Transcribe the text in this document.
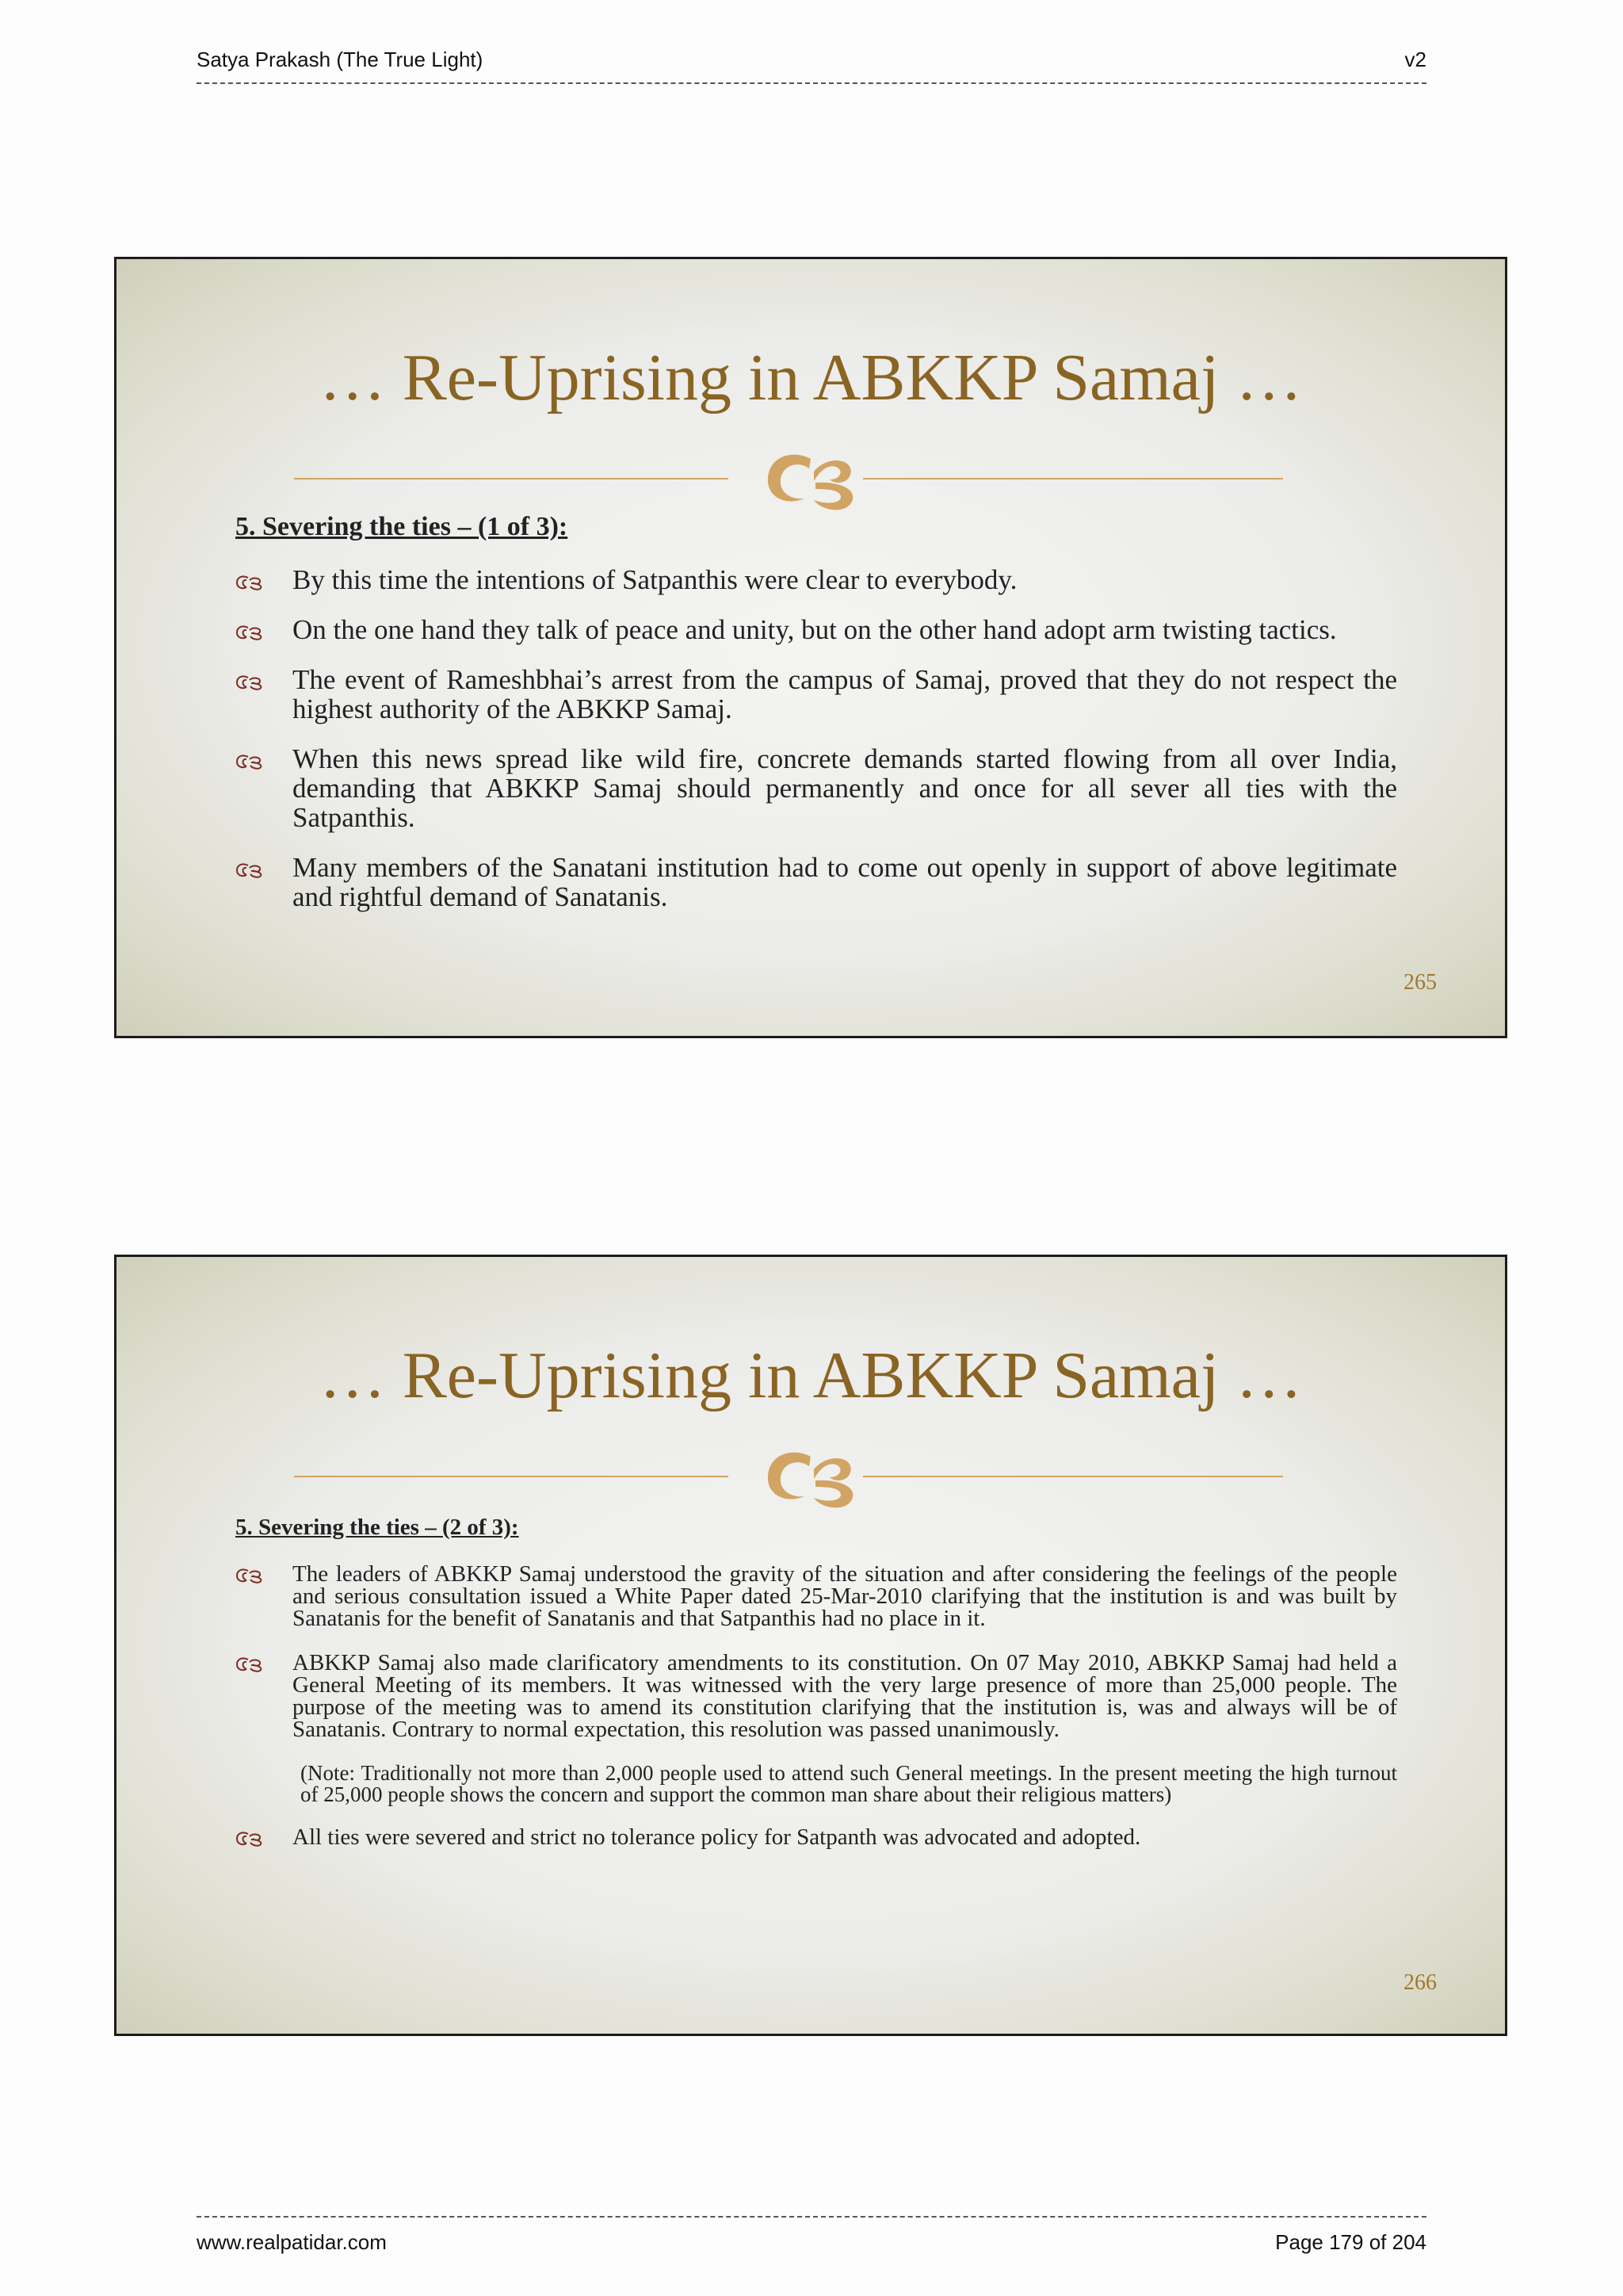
Satya Prakash (The True Light)	v2
… Re-Uprising in ABKKP Samaj …
5. Severing the ties – (1 of 3):
By this time the intentions of Satpanthis were clear to everybody.
On the one hand they talk of peace and unity, but on the other hand adopt arm twisting tactics.
The event of Rameshbhai’s arrest from the campus of Samaj, proved that they do not respect the highest authority of the ABKKP Samaj.
When this news spread like wild fire, concrete demands started flowing from all over India, demanding that ABKKP Samaj should permanently and once for all sever all ties with the Satpanthis.
Many members of the Sanatani institution had to come out openly in support of above legitimate and rightful demand of Sanatanis.
265
… Re-Uprising in ABKKP Samaj …
5. Severing the ties – (2 of 3):
The leaders of ABKKP Samaj understood the gravity of the situation and after considering the feelings of the people and serious consultation issued a White Paper dated 25-Mar-2010 clarifying that the institution is and was built by Sanatanis for the benefit of Sanatanis and that Satpanthis had no place in it.
ABKKP Samaj also made clarificatory amendments to its constitution. On 07 May 2010, ABKKP Samaj had held a General Meeting of its members. It was witnessed with the very large presence of more than 25,000 people. The purpose of the meeting was to amend its constitution clarifying that the institution is, was and always will be of Sanatanis. Contrary to normal expectation, this resolution was passed unanimously.
(Note: Traditionally not more than 2,000 people used to attend such General meetings. In the present meeting the high turnout of 25,000 people shows the concern and support the common man share about their religious matters)
All ties were severed and strict no tolerance policy for Satpanth was advocated and adopted.
266
www.realpatidar.com	Page 179 of 204
